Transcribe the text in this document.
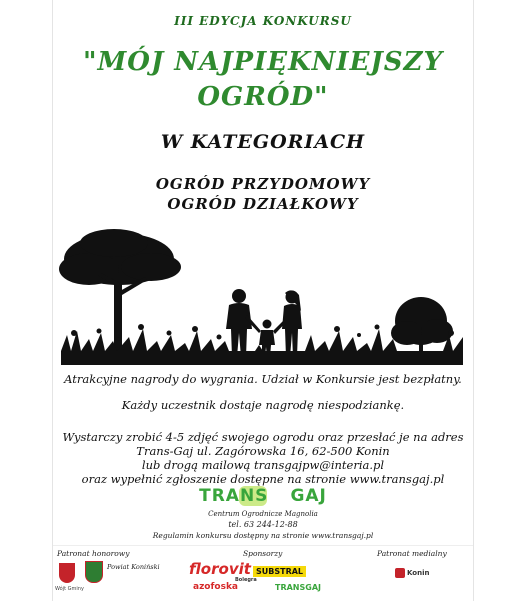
III EDYCJA KONKURSU
"MÓJ NAJPIĘKNIEJSZY
OGRÓD"
W KATEGORIACH
OGRÓD PRZYDOMOWY
OGRÓD DZIAŁKOWY
Atrakcyjne nagrody do wygrania. Udział w Konkursie jest bezpłatny.
Każdy uczestnik dostaje nagrodę niespodziankę.
Wystarczy zrobić 4-5 zdjęć swojego ogrodu oraz przesłać je na adres
Trans-Gaj ul. Zagórowska 16, 62-500 Konin
lub drogą mailową transgajpw@interia.pl
oraz wypełnić zgłoszenie dostępne na stronie www.transgaj.pl
TRANS GAJ
Centrum Ogrodnicze Magnolia
tel. 63 244-12-88
Regulamin konkursu dostępny na stronie www.transgaj.pl
Patronat honorowy
Wójt Gminy
Powiat Koniński
Sponsorzy
florovit
azofoska
Bolegra
SUBSTRAL
TRANSGAJ
Patronat medialny
Konin
